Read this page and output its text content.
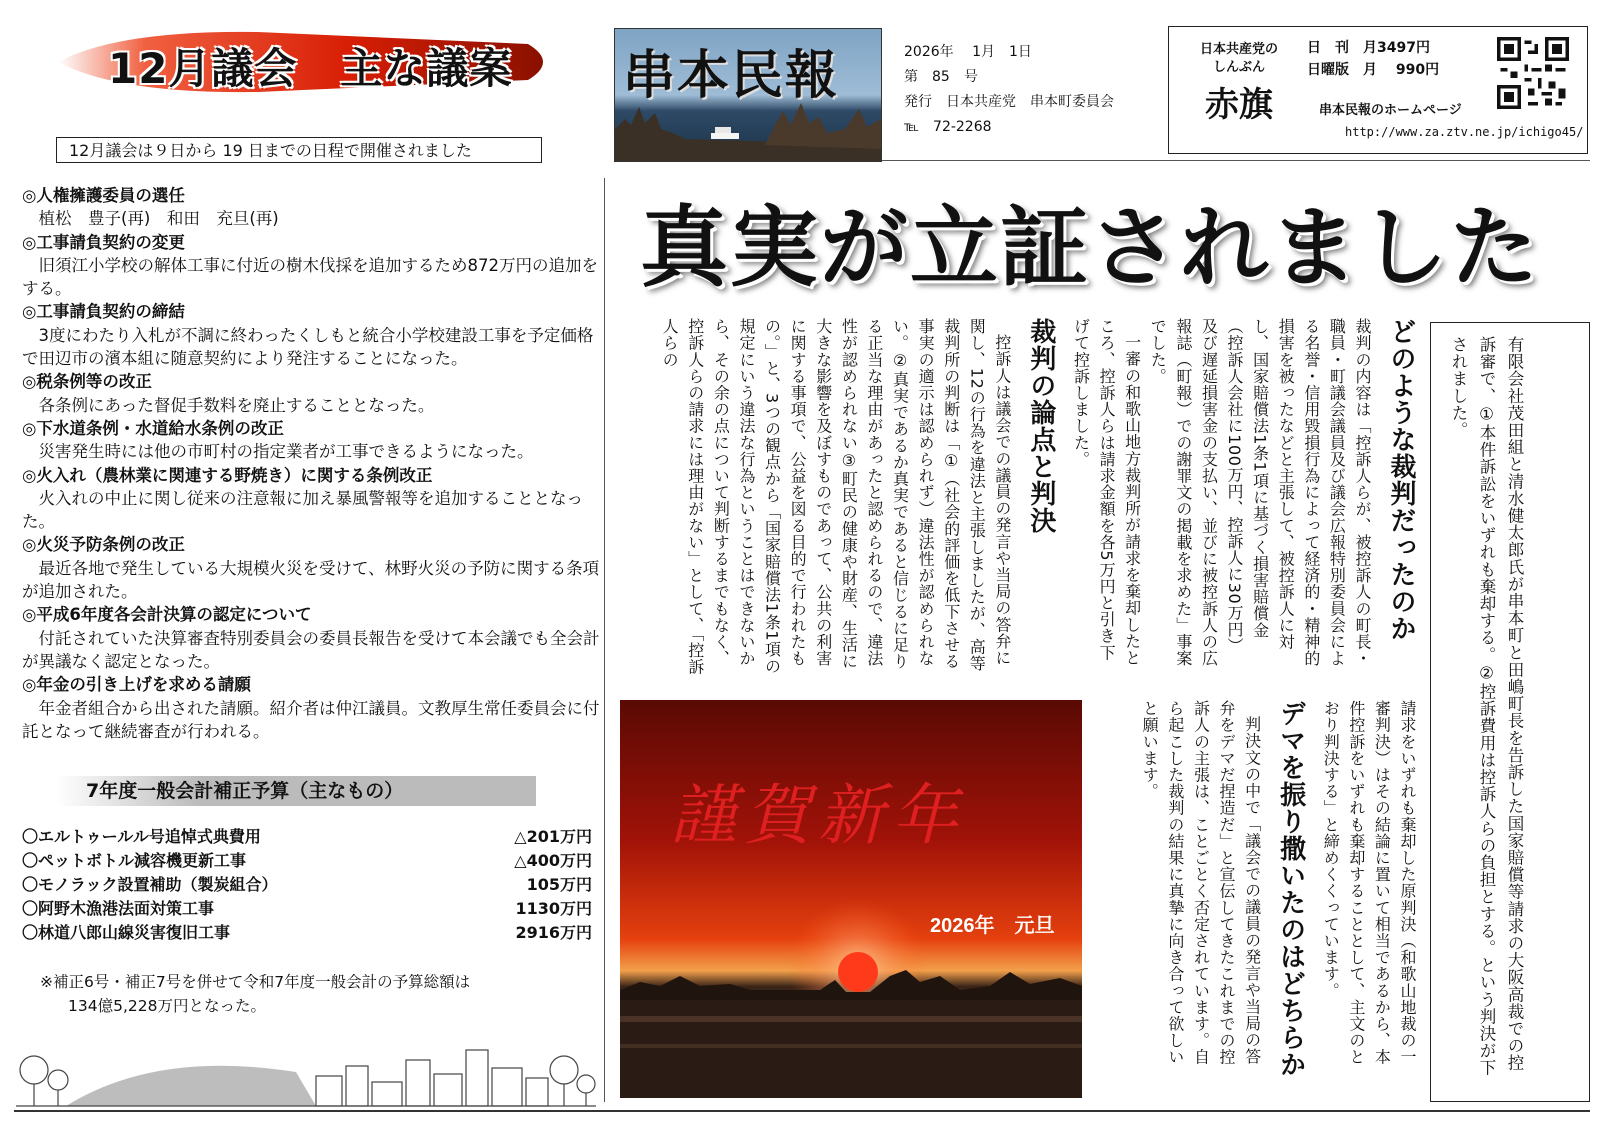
12月議会　主な議案
12月議会は９日から 19 日までの日程で開催されました
串本民報	2026年　 1月　1日
第　85　号
発行　日本共産党　串本町委員会
℡　72-2268
日本共産党の
しんぶん
赤旗
日　刊　月3497円
日曜版　月　 990円
串本民報のホームページ
http://www.za.ztv.ne.jp/ichigo45/
真実が立証されました
◎人権擁護委員の選任
植松　豊子(再)　和田　充旦(再)
◎工事請負契約の変更
旧須江小学校の解体工事に付近の樹木伐採を追加するため872万円の追加をする。
◎工事請負契約の締結
3度にわたり入札が不調に終わったくしもと統合小学校建設工事を予定価格で田辺市の濱本組に随意契約により発注することになった。
◎税条例等の改正
各条例にあった督促手数料を廃止することとなった。
◎下水道条例・水道給水条例の改正
災害発生時には他の市町村の指定業者が工事できるようになった。
◎火入れ（農林業に関連する野焼き）に関する条例改正
火入れの中止に関し従来の注意報に加え暴風警報等を追加することとなった。
◎火災予防条例の改正
最近各地で発生している大規模火災を受けて、林野火災の予防に関する条項が追加された。
◎平成6年度各会計決算の認定について
付託されていた決算審査特別委員会の委員長報告を受けて本会議でも全会計が異議なく認定となった。
◎年金の引き上げを求める請願
年金者組合から出された請願。紹介者は仲江議員。文教厚生常任委員会に付託となって継続審査が行われる。
7年度一般会計補正予算（主なもの）
〇エルトゥールル号追悼式典費用	△201万円
〇ペットボトル減容機更新工事	△400万円
〇モノラック設置補助（製炭組合）	105万円
〇阿野木漁港法面対策工事	1130万円
〇林道八郎山線災害復旧工事	2916万円
※補正6号・補正7号を併せて令和7年度一般会計の予算総額は
134億5,228万円となった。	有限会社茂田組と清水健太郎氏が串本町と田嶋町長を告訴した国家賠償等請求の大阪高裁での控訴審で、①本件訴訟をいずれも棄却する。②控訴費用は控訴人らの負担とする。という判決が下されました。
どのような裁判だったのか
裁判の内容は「控訴人らが、被控訴人の町長・職員・町議会議員及び議会広報特別委員会による名誉・信用毀損行為によって経済的・精神的損害を被ったなどと主張して、被控訴人に対し、国家賠償法1条1項に基づく損害賠償金（控訴人会社に100万円、控訴人に30万円）及び遅延損害金の支払い、並びに被控訴人の広報誌（町報）での謝罪文の掲載を求めた」事案でした。
一審の和歌山地方裁判所が請求を棄却したところ、控訴人らは請求金額を各5万円と引き下げて控訴しました。
裁判の論点と判決
控訴人は議会での議員の発言や当局の答弁に関し、12の行為を違法と主張しましたが、高等裁判所の判断は「①（社会的評価を低下させる事実の適示は認められず）違法性が認められない。②真実であるか真実であると信じるに足りる正当な理由があったと認められるので、違法性が認められない③町民の健康や財産、生活に大きな影響を及ぼすものであって、公共の利害に関する事項で、公益を図る目的で行われたもの。」と、3つの観点から「国家賠償法1条1項の規定にいう違法な行為ということはできないから、その余の点について判断するまでもなく、控訴人らの請求には理由がない」として、「控訴人らの
請求をいずれも棄却した原判決（和歌山地裁の一審判決）はその結論に置いて相当であるから、本件控訴をいずれも棄却することとして、主文のとおり判決する」と締めくくっています。
デマを振り撒いたのはどちらか
判決文の中で「議会での議員の発言や当局の答弁をデマだ捏造だ」と宣伝してきたこれまでの控訴人の主張は、ことごとく否定されています。自ら起こした裁判の結果に真摯に向き合って欲しいと願います。
謹賀新年
2026年　元旦
